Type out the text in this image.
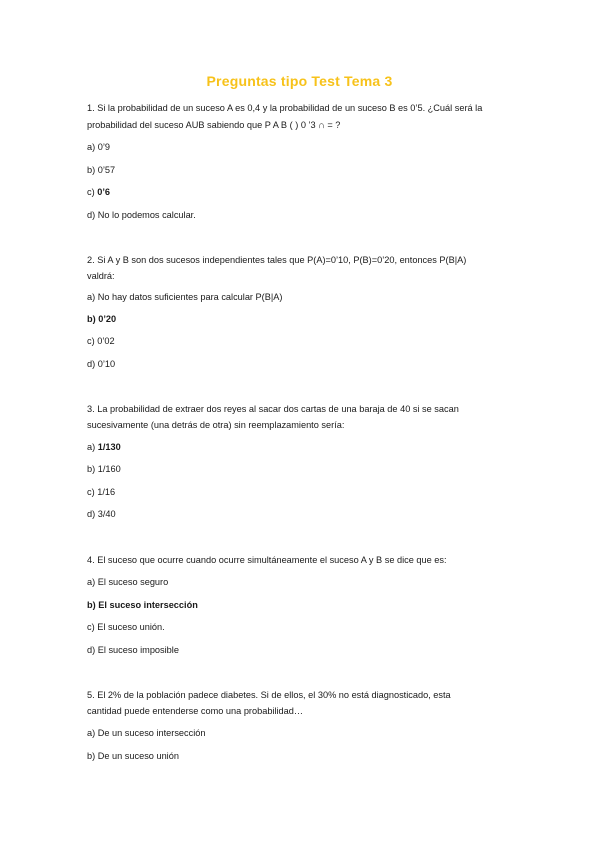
Preguntas tipo Test Tema 3
1. Si la probabilidad de un suceso A es 0,4 y la probabilidad de un suceso B es 0’5. ¿Cuál será la
probabilidad del suceso AUB sabiendo que P A B ( ) 0 ’3 ∩ = ?
a) 0’9
b) 0’57
c) 0’6
d) No lo podemos calcular.
2. Si A y B son dos sucesos independientes tales que P(A)=0’10, P(B)=0’20, entonces P(B|A)
valdrá:
a) No hay datos suficientes para calcular P(B|A)
b) 0’20
c) 0’02
d) 0’10
3. La probabilidad de extraer dos reyes al sacar dos cartas de una baraja de 40 si se sacan
sucesivamente (una detrás de otra) sin reemplazamiento sería:
a) 1/130
b) 1/160
c) 1/16
d) 3/40
4. El suceso que ocurre cuando ocurre simultáneamente el suceso A y B se dice que es:
a) El suceso seguro
b) El suceso intersección
c) El suceso unión.
d) El suceso imposible
5. El 2% de la población padece diabetes. Si de ellos, el 30% no está diagnosticado, esta
cantidad puede entenderse como una probabilidad…
a) De un suceso intersección
b) De un suceso unión
